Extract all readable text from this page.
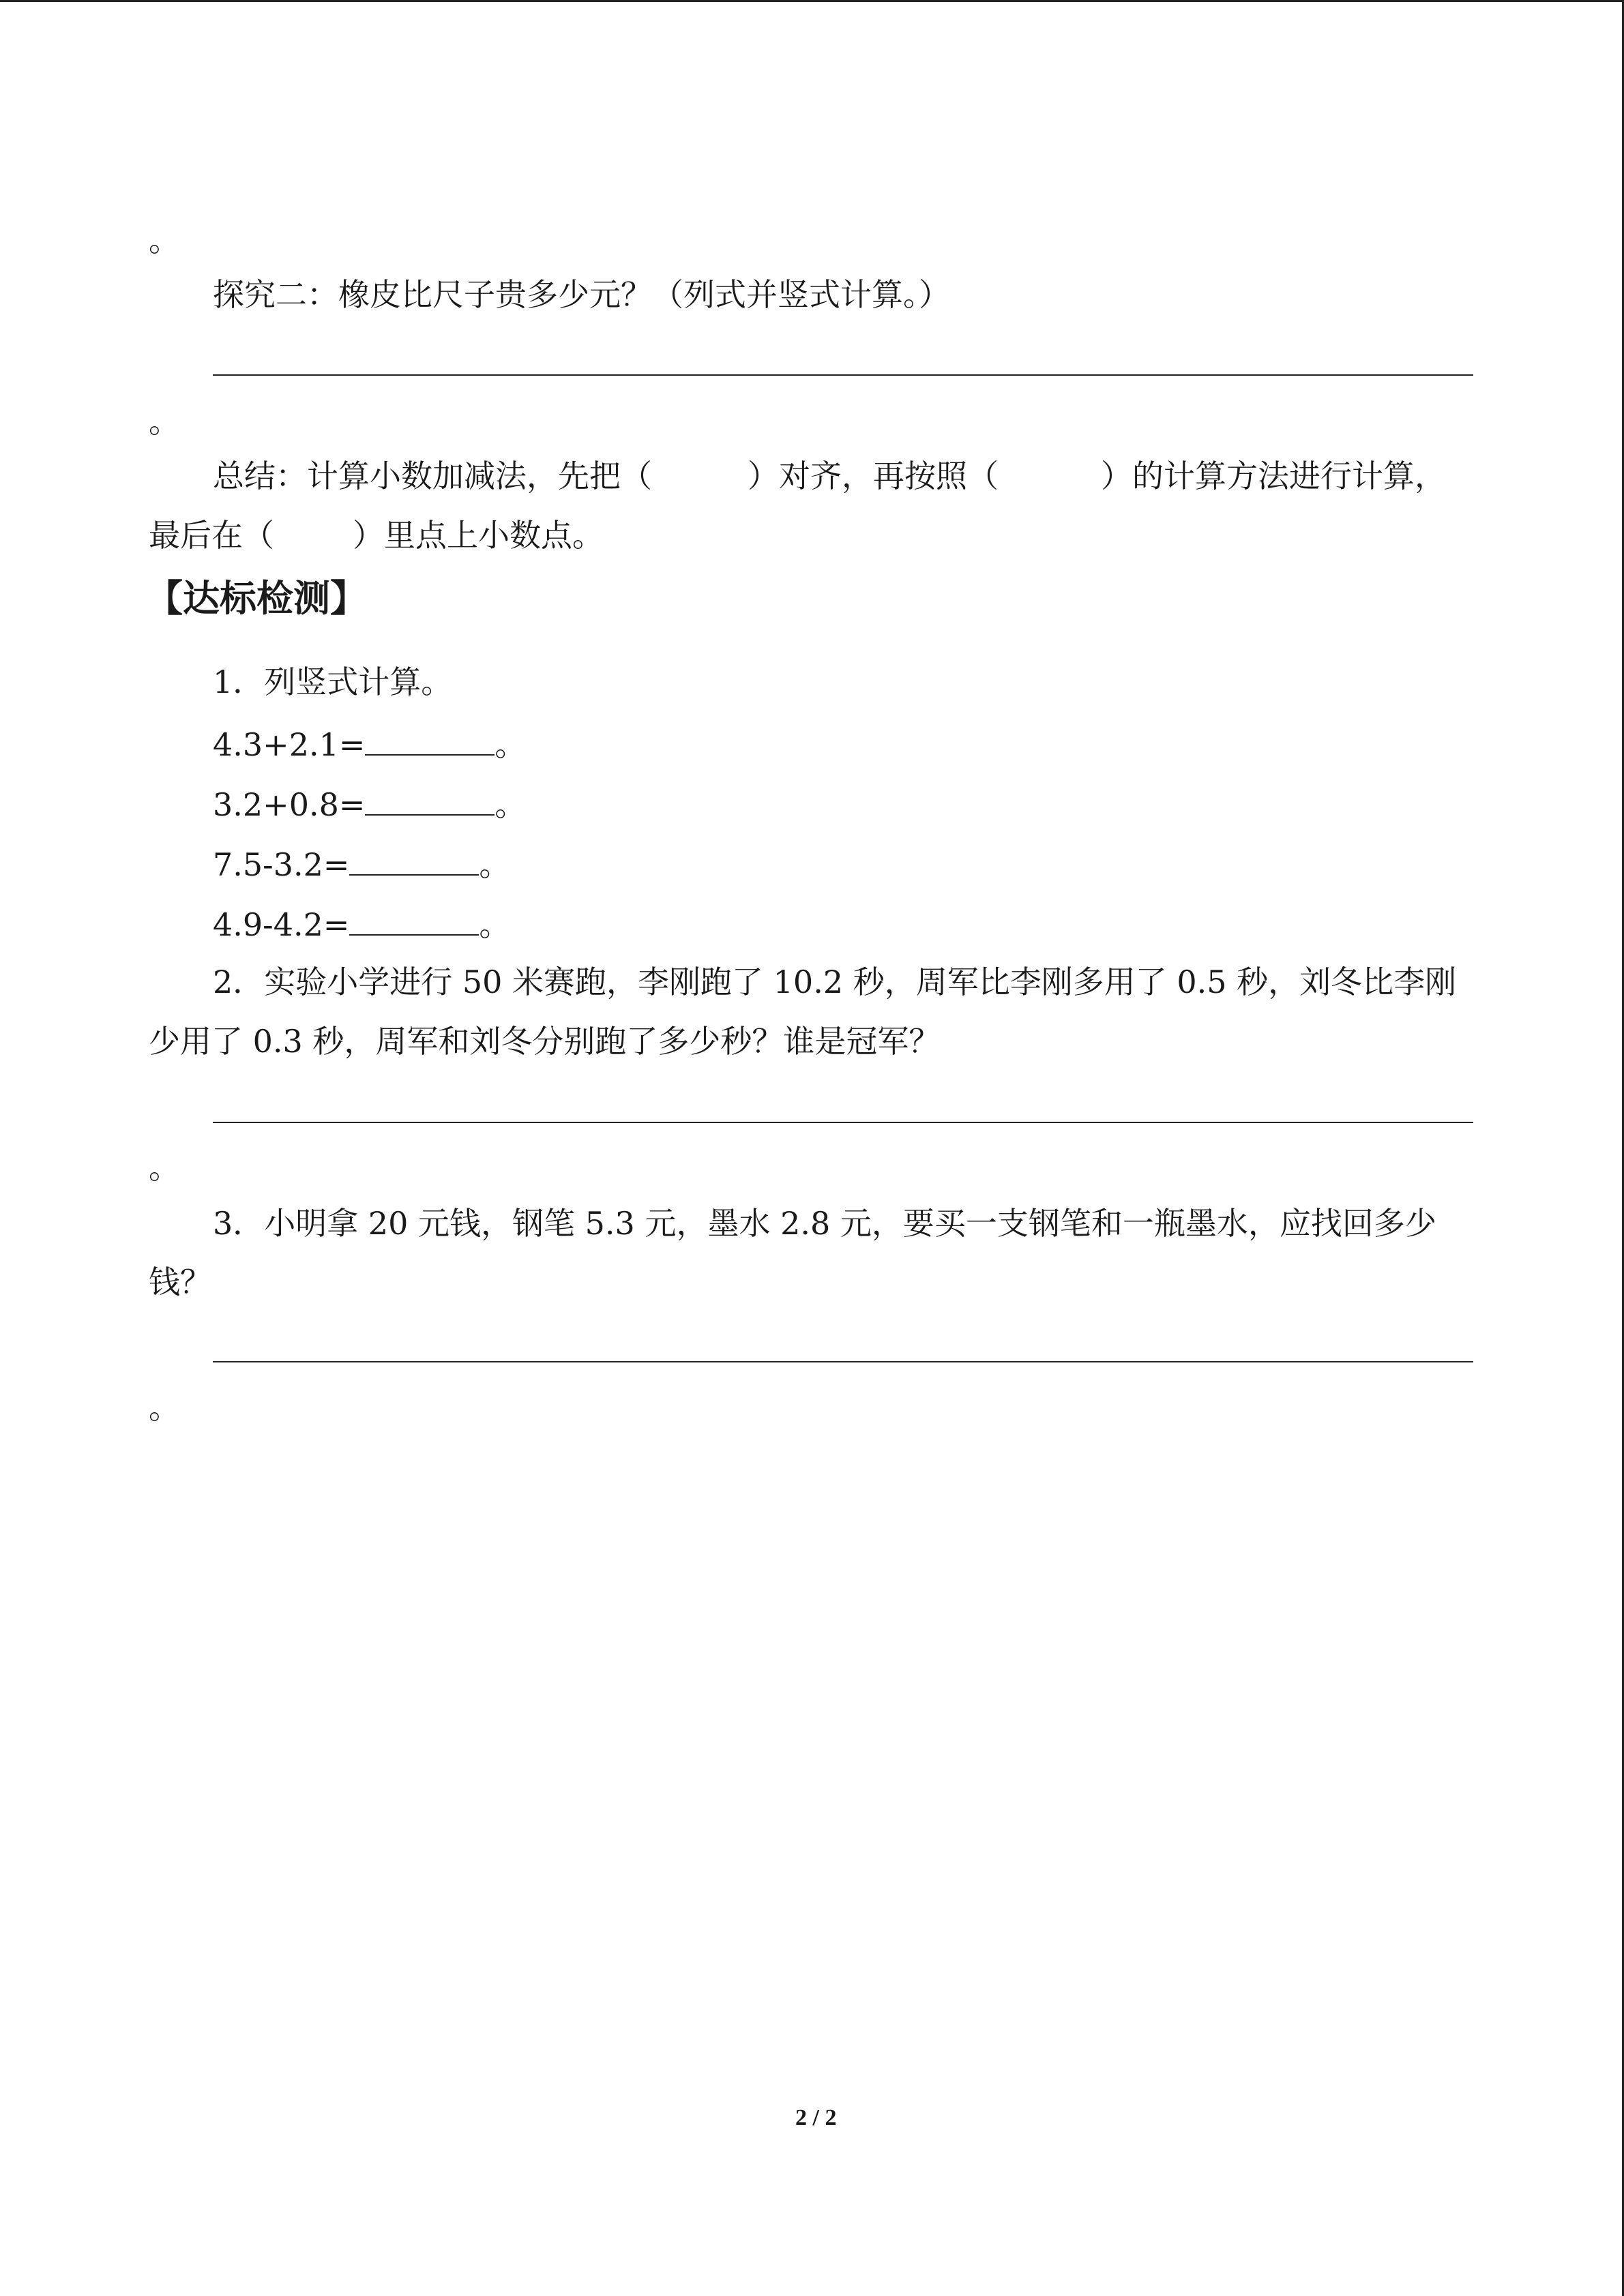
。
探究二：橡皮比尺子贵多少元？（列式并竖式计算。）
。
总结：计算小数加减法，先把（	）对齐，再按照（	）的计算方法进行计算，
最后在（	）里点上小数点。
【达标检测】
1．列竖式计算。
4.3+2.1=	。
3.2+0.8=	。
7.5-3.2=	。
4.9-4.2=	。
2．实验小学进行 50 米赛跑，李刚跑了 10.2 秒，周军比李刚多用了 0.5 秒，刘冬比李刚
少用了 0.3 秒，周军和刘冬分别跑了多少秒？谁是冠军？
。
3．小明拿 20 元钱，钢笔 5.3 元，墨水 2.8 元，要买一支钢笔和一瓶墨水，应找回多少
钱？
。
2 / 2
